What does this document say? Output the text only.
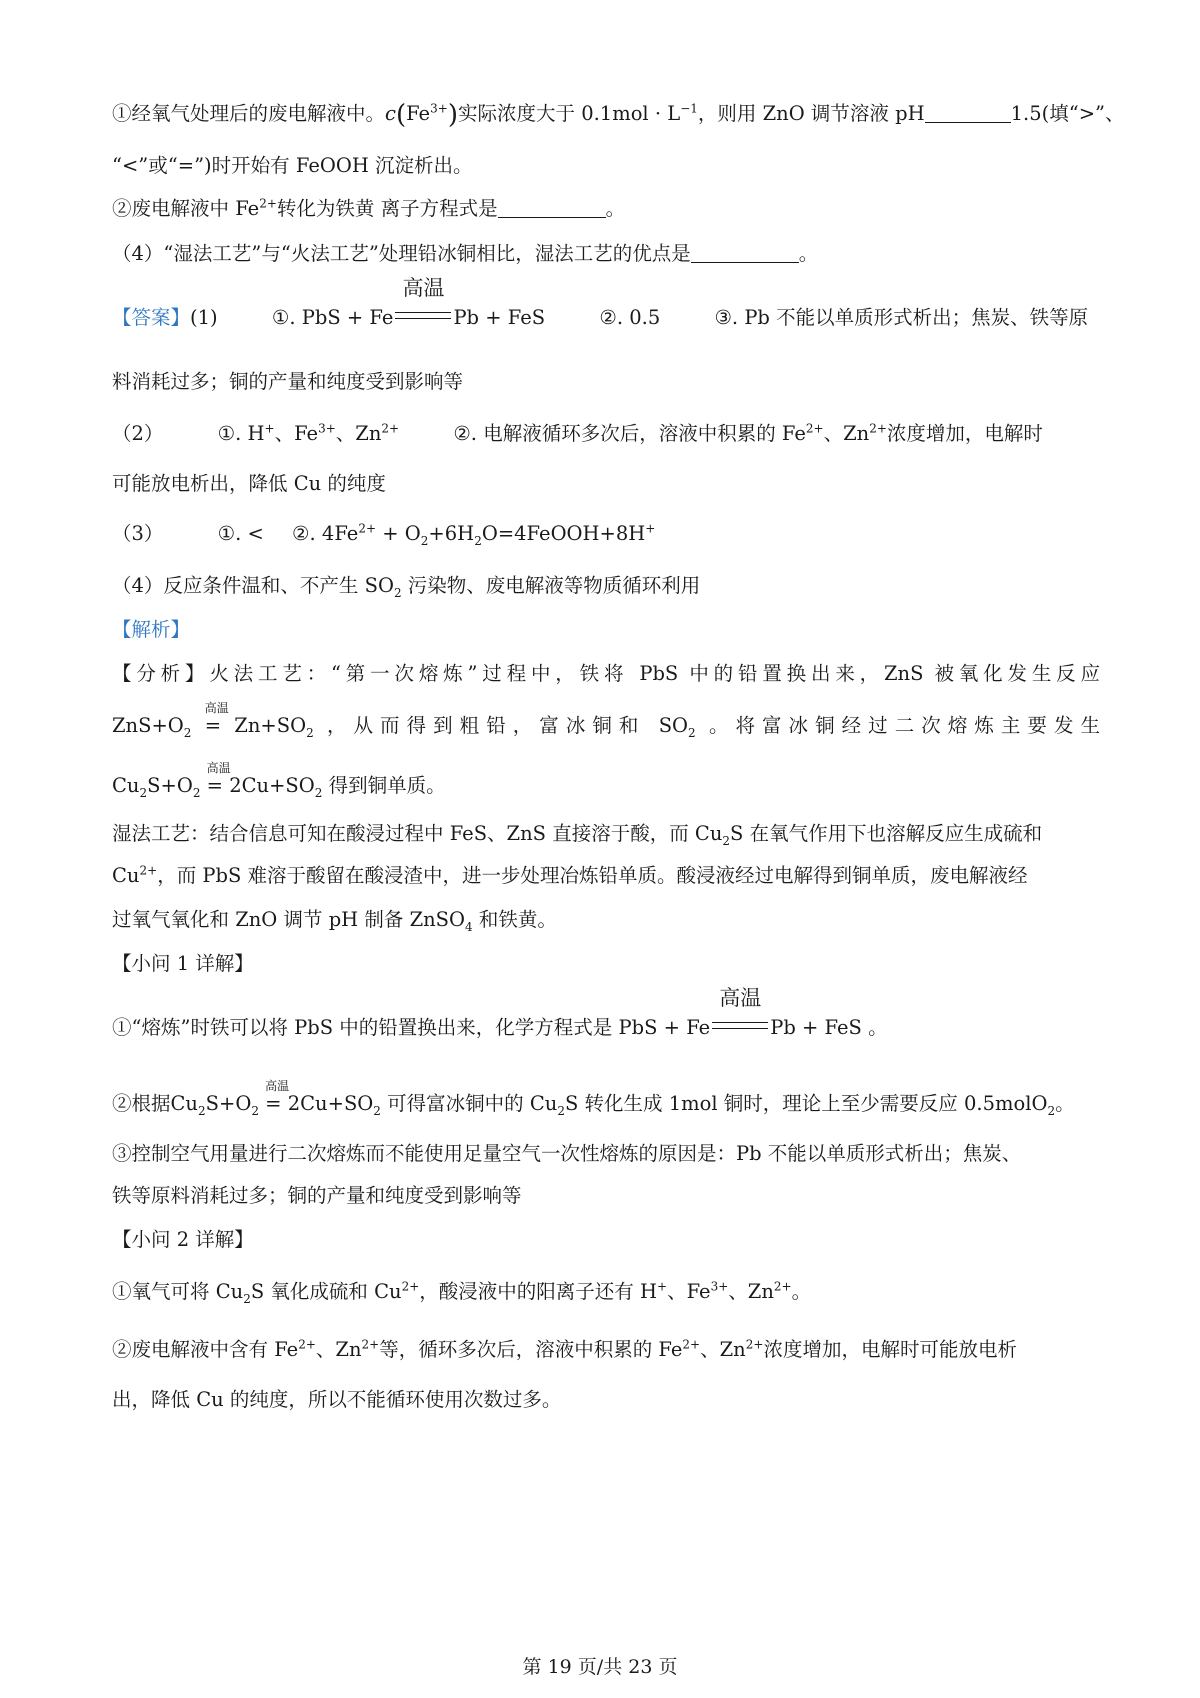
①经氧气处理后的废电解液中。$c(Fe^{3+})$实际浓度大于 $0.1mol \cdot L^{-1}$，则用 ZnO 调节溶液 pH	1.5(填“>”、
“<”或“=”)时开始有 FeOOH 沉淀析出。
②废电解液中 $Fe^{2+}$转化为铁黄 离子方程式是	。
（4）“湿法工艺”与“火法工艺”处理铅冰铜相比，湿法工艺的优点是	。
【答案】(1)	①. PbS + Fe
高温
Pb + FeS	②. 0.5	③. Pb 不能以单质形式析出；焦炭、铁等原
料消耗过多；铜的产量和纯度受到影响等
（2）	①. H+、$Fe^{3+}$、$Zn^{2+}$	②. 电解液循环多次后，溶液中积累的 $Fe^{2+}$、$Zn^{2+}$浓度增加，电解时
可能放电析出，降低 Cu 的纯度
（3）	①. < ②. $4Fe^{2+}$ + $O_2+6H_2O=4FeOOH+8H^+$
（4）反应条件温和、不产生 $SO_2$ 污染物、废电解液等物质循环利用
【解析】
【分析】火法工艺：“第一次熔炼”过程中，铁将 PbS 中的铅置换出来，ZnS 被氧化发生反应
$ZnS+O_2$
高温
= $Zn+SO_2$ ，从而得到粗铅，富冰铜和 $SO_2$ 。将富冰铜经过二次熔炼主要发生
$Cu_2S+O_2$
高温
= $2Cu+SO_2$ 得到铜单质。
湿法工艺：结合信息可知在酸浸过程中 FeS、ZnS 直接溶于酸，而 $Cu_2S$ 在氧气作用下也溶解反应生成硫和
$Cu^{2+}$，而 PbS 难溶于酸留在酸浸渣中，进一步处理冶炼铅单质。酸浸液经过电解得到铜单质，废电解液经
过氧气氧化和 ZnO 调节 pH 制备 ZnSO$_4$ 和铁黄。
【小问 1 详解】
①“熔炼”时铁可以将 PbS 中的铅置换出来，化学方程式是 PbS + Fe
高温
Pb + FeS 。
②根据$Cu_2S+O_2$
高温
= $2Cu+SO_2$ 可得富冰铜中的 $Cu_2S$ 转化生成 1mol 铜时，理论上至少需要反应 0.5molO$_2$。
③控制空气用量进行二次熔炼而不能使用足量空气一次性熔炼的原因是：Pb 不能以单质形式析出；焦炭、
铁等原料消耗过多；铜的产量和纯度受到影响等
【小问 2 详解】
①氧气可将 $Cu_2S$ 氧化成硫和 $Cu^{2+}$，酸浸液中的阳离子还有 H+、$Fe^{3+}$、$Zn^{2+}$。
②废电解液中含有 $Fe^{2+}$、$Zn^{2+}$等，循环多次后，溶液中积累的 $Fe^{2+}$、$Zn^{2+}$浓度增加，电解时可能放电析
出，降低 Cu 的纯度，所以不能循环使用次数过多。
第 19 页/共 23 页
